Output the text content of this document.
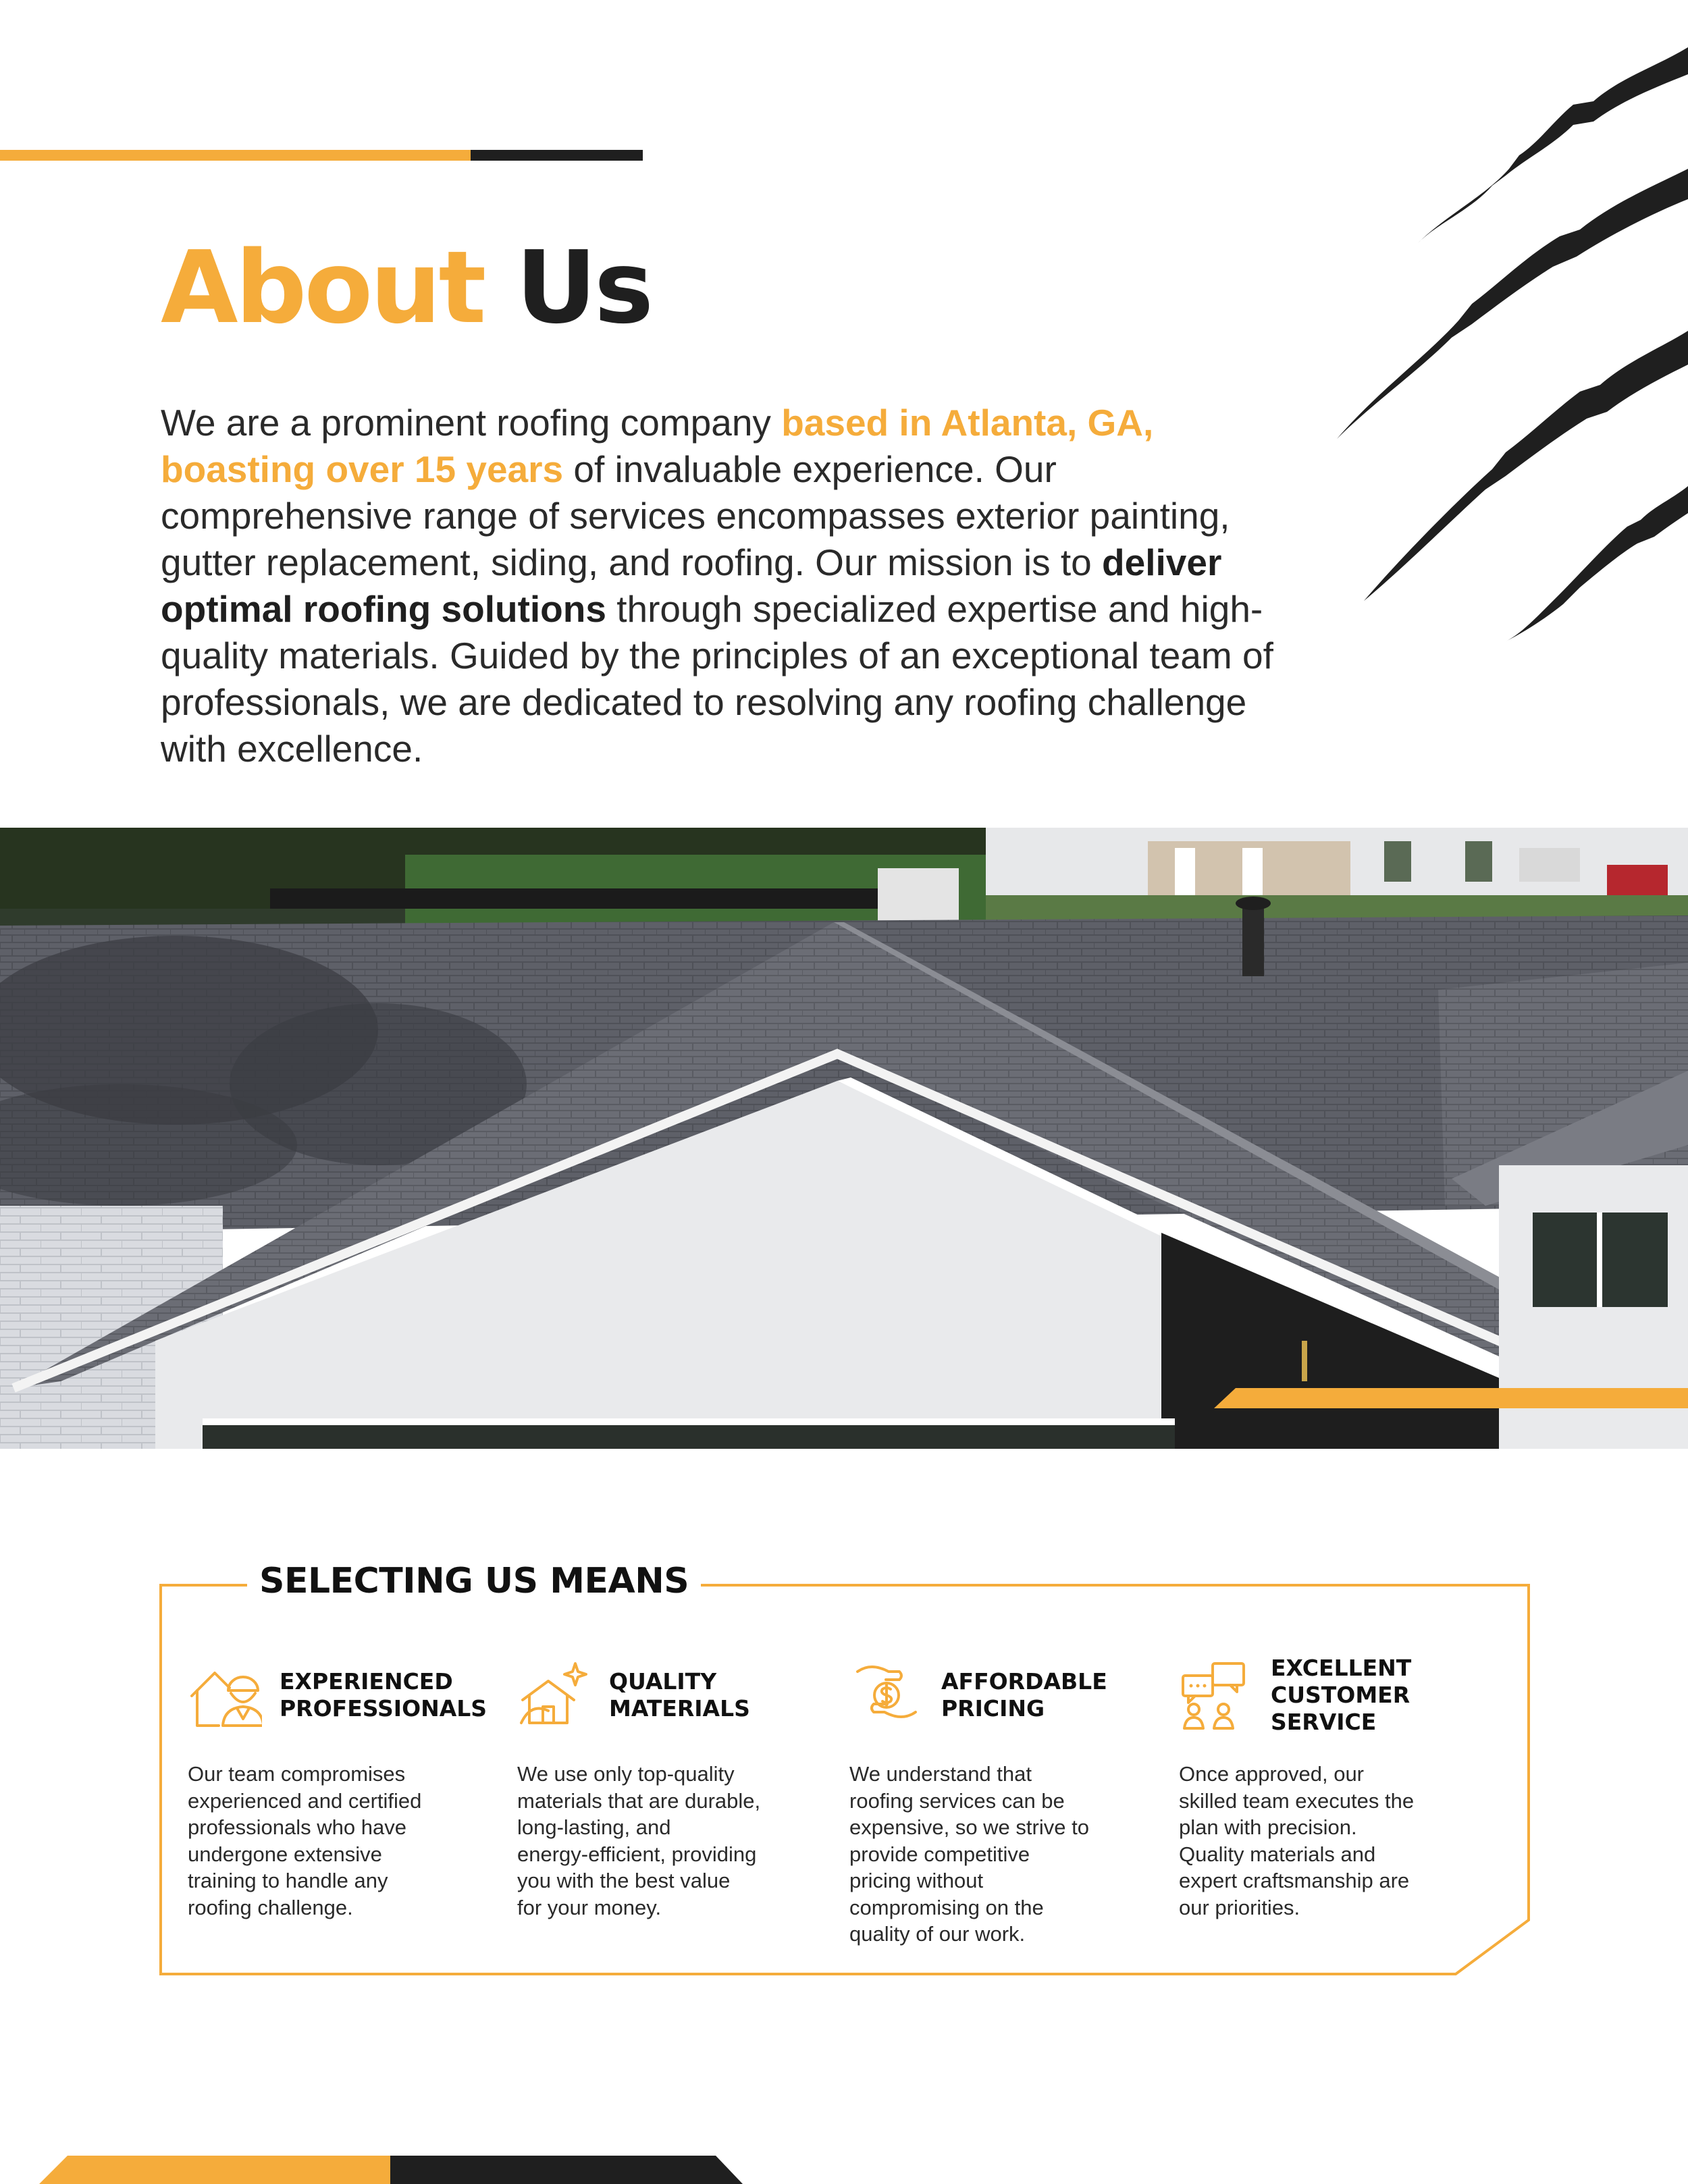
About Us

We are a prominent roofing company based in Atlanta, GA, boasting over 15 years of invaluable experience. Our comprehensive range of services encompasses exterior painting, gutter replacement, siding, and roofing. Our mission is to deliver optimal roofing solutions through specialized expertise and high-quality materials. Guided by the principles of an exceptional team of professionals, we are dedicated to resolving any roofing challenge with excellence.

SELECTING US MEANS
EXPERIENCED
PROFESSIONALS
Our team compromises
experienced and certified
professionals who have
undergone extensive
training to handle any
roofing challenge.
QUALITY
MATERIALS
We use only top-quality
materials that are durable,
long-lasting, and
energy-efficient, providing
you with the best value
for your money.
AFFORDABLE
PRICING
We understand that
roofing services can be
expensive, so we strive to
provide competitive
pricing without
compromising on the
quality of our work.
EXCELLENT
CUSTOMER SERVICE
Once approved, our
skilled team executes the
plan with precision.
Quality materials and
expert craftsmanship are
our priorities.
